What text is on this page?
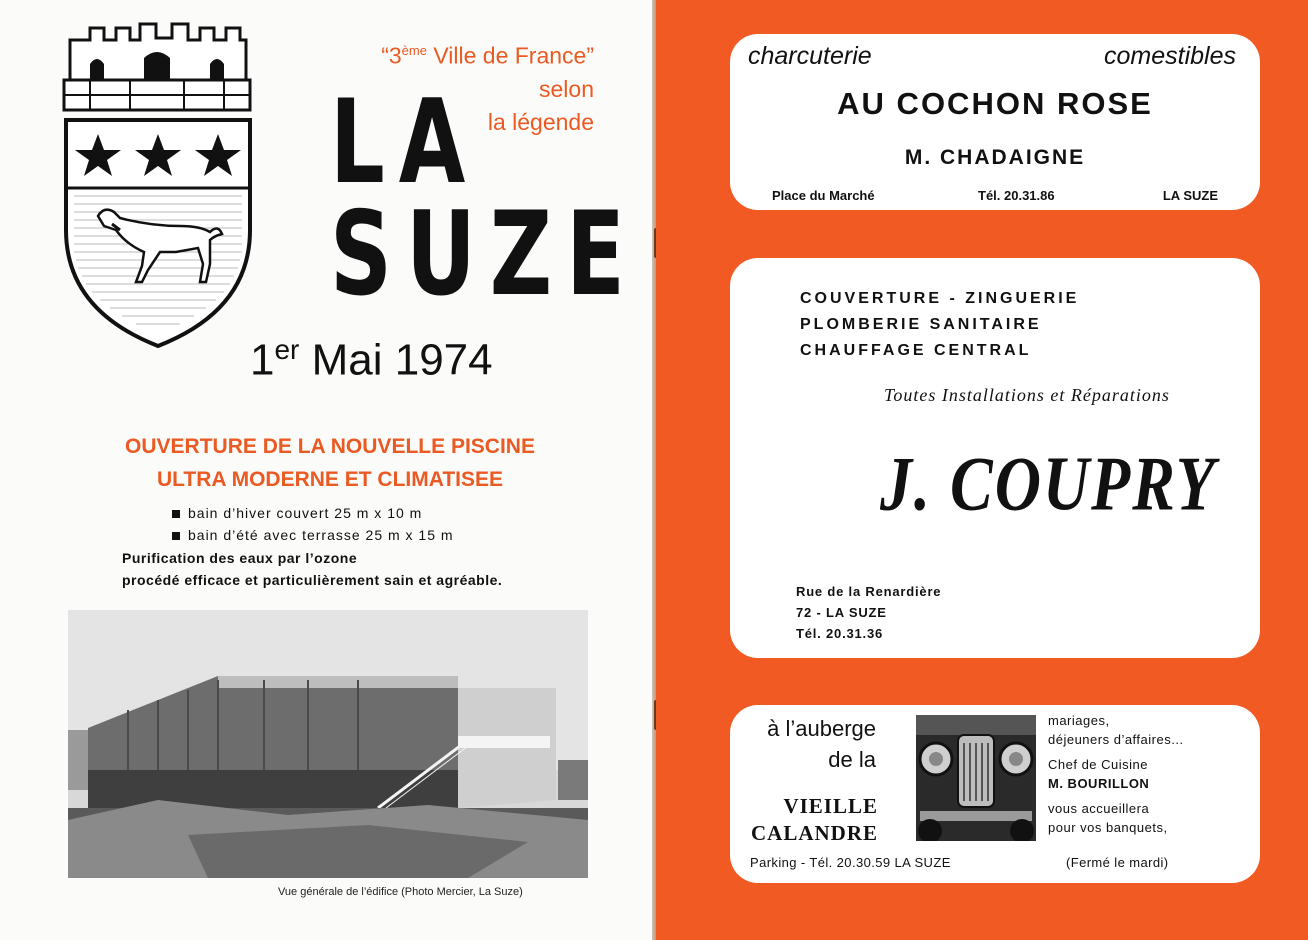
“3ème Ville de France”
selon
la légende
LA
SUZE
1er Mai 1974
OUVERTURE DE LA NOUVELLE PISCINE
ULTRA MODERNE ET CLIMATISEE
bain d’hiver couvert 25 m x 10 m
bain d’été avec terrasse 25 m x 15 m
Purification des eaux par l’ozone
procédé efficace et particulièrement sain et agréable.
Vue générale de l’édifice (Photo Mercier, La Suze)
charcuterie	comestibles
AU COCHON ROSE
M. CHADAIGNE
Place du Marché	Tél. 20.31.86	LA SUZE
COUVERTURE - ZINGUERIE
PLOMBERIE SANITAIRE
CHAUFFAGE CENTRAL
Toutes Installations et Réparations
J. COUPRY
Rue de la Renardière
72 - LA SUZE
Tél. 20.31.36
à l’auberge
de la
VIEILLE
CALANDRE
mariages,
déjeuners d’affaires...
Chef de Cuisine
M. BOURILLON
vous accueillera
pour vos banquets,
Parking - Tél. 20.30.59 LA SUZE	(Fermé le mardi)
